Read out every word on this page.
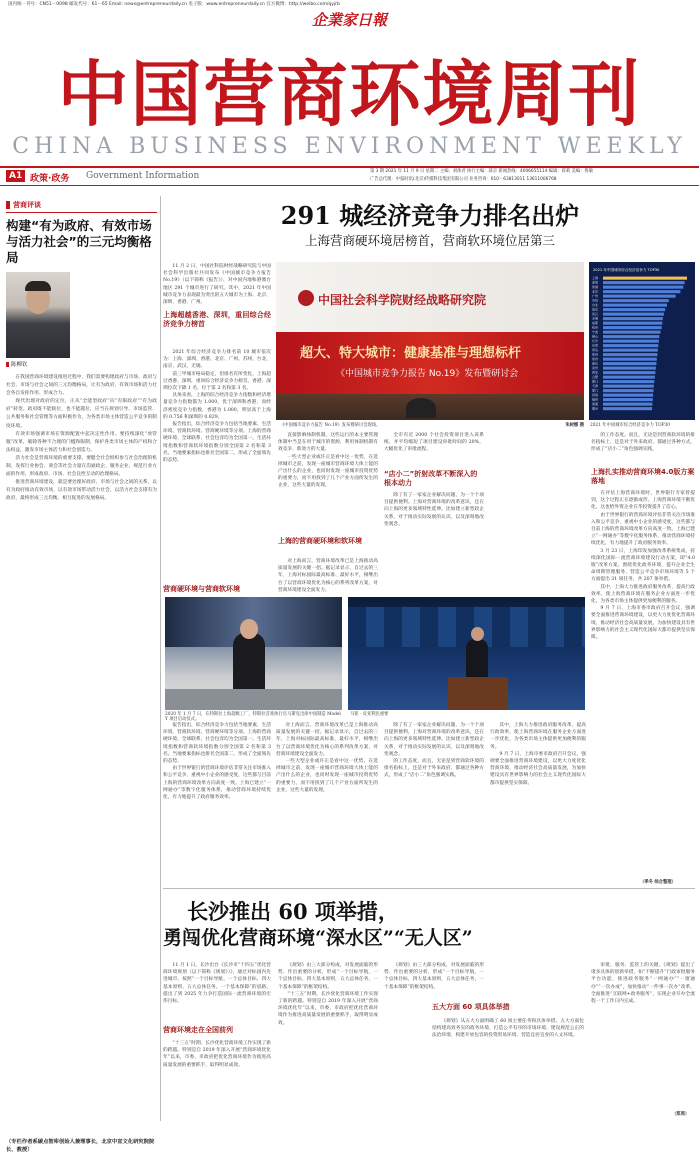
国内统一刊号：CN51－0098 邮发代号：61－65 Email: news@entrepreneurdaily.cn 电子版：www.entrepreneurdaily.cn 官方微博：http://weibo.com/qyjrb
企業家日報
中国营商环境周刊
CHINA BUSINESS ENVIRONMENT WEEKLY
A1 政策·政务 Government Information	第 3 期 2021 年 11 月 9 日 星期二 主编：刘体君 执行主编：薛京 新闻热线：4006655114 编辑：蒋莉 美编：鲁敏
广告总代理：中报时讯(北京)传媒科技集团有限公司 业务咨询：010－63813011 13611006768
营商评谈
构建“有为政府、有效市场与活力社会”的三元均衡格局
陈柳钦

在我国营商环境建设推进过程中，我们需要构建政府与市场、政府与社会、市场与社会之间的三元均衡格局，让有为政府、有效市场和活力社会各自发挥作用、形成合力。

现代治理对政府的定位，正从“全能型政府”向“有限政府”“有为政府”转变。政府既不能缺位，也不能越位，应当在规划引导、市场监管、公共服务和社会管理等方面积极作为，为各类市场主体营造公平竞争的制度环境。

有效市场强调市场在资源配置中起决定性作用。要持续深化“放管服”改革，破除各种不合理的门槛和限制，保护各类市场主体的产权和合法权益，激发市场主体活力和社会创造力。

活力社会是营商环境的重要支撑。要健全社会组织参与社会治理的机制，发挥行业协会、商会等社会力量在沟通政企、服务企业、规范行业方面的作用，形成政府、市场、社会良性互动的治理格局。

推进营商环境建设，就是要处理好政府、市场与社会之间的关系，以有为政府推动有效市场，以有效市场带动活力社会，以活力社会支撑有为政府，最终形成三元均衡、相互促进的发展格局。

（专栏作者系碳点智库创始人兼理事长，北京中宣文化研究院院长、教授）
291 城经济竞争力排名出炉
上海营商硬环境居榜首，营商软环境位居第三

11 月 2 日，中国社科院财经战略研究院与中国社会科学出版社共同发布《中国城市竞争力报告 No.19》（以下简称《报告》），对中国内地和港澳台地区 291 个城市进行了研究。其中，2021 年中国城市竞争力表现最为突出的五大城市为上海、北京、深圳、香港、广州。

上海超越香港、深圳，重回综合经济竞争力榜首
中国社会科学院财经战略研究院
超大、特大城市：健康基准与理想标杆
《中国城市竞争力报告 No.19》发布暨研讨会
《中国城市竞争力报告 No.19》发布暨研讨会现场。	朱树娜 摄
2021 年中国城市综合经济竞争力 TOP30
上海
深圳
香港
北京
广州
苏州
台北
南京
武汉
无锡
成都
杭州
宁波
佛山
长沙
东莞
青岛
郑州
常州
重庆
泉州
西安
合肥
澳门
天津
厦门
济南
福州
南通
烟台
2021 年中国城市综合经济竞争力 TOP30

2021 年综合经济竞争力排名前 10 城市依次为：上海、深圳、香港、北京、广州、苏州、台北、南京、武汉、无锡。

前三甲城市格局稳定，但排名有所变化，上海超过香港、深圳，重回综合经济竞争力榜首。香港、深圳位次下降 1 名，位于第 2 名和第 3 名。

具体来看，上海的综合经济竞争力指数和经济增量竞争力指数都为 1.000，优于深圳和香港，而经济密度竞争力指数，香港为 1.000，明显高于上海的 0.756 和深圳的 0.829。

报告指出，综合经济竞争力包括当地要素、生活环境、营商软环境、营商硬环境等分项。上海的营商硬环境、全球联系、社会包容均为全国第一。生活环境指数和营商软环境指数分别全国第 2 名和第 3 名。当地要素指标也排名全国第二，形成了全面领先的态势。

营商硬环境与营商软环境

直接影响体制机制。这些运行的本主要管理体制中当是在用于城市的资源，利用体制机制有效竞争、新效力的大量。

一些大型企业或许正是看中这一优势，在选择城市之前，发现一座城市营商环境大体上能的产出什么的企业，也同时发现一座城市投资优势的重要力，而不用找到了几个产业方面所发生的企业，这些大量的发现。

上海的营商硬环境和软环境

对上海而言，营商环境改革已是上海推动高质量发展的关键一招。据记录显示，自过去的三年，上海对标国际最高标准、最好水平，相继出台了以营商环境优化为核心的系列改革方案，对营商环境建设全面发力。

全市有近 2000 个社会投资项目进入该系统，并平均缩短了项目建设审批时间的 20%，大幅优化了审批流程。

“店小二”折射改革不断深入的根本动力

除了有了一家家企业解决问题，为一个个项目提供便利。上海对营商环境的改革意识，还在向上海的更多领域特性延伸。比如建立新型政企关系，对于推动实际发展的认识，以及深刻地改变观念。

的工作态度。而且，无论是到营商软环境的排名指标上，还是对于外来政府、都通过各种方式，形成了“店小二”角色强调实践。

上海扎实推动营商环境4.0版方案落地

在评估上海营商环境时，世界银行专家曾提到，这个过程正在逐渐成形。上海营商环境不断优化，这也给外资企业在华投资提升了信心。

由于世界银行的营商环境评估非常关注市场准入和公平竞争，重视中小企业的感受度，这些都与目前上海的营商环境改革方向高度一致。上海已建立“一网通办”等数字化服务体系，推动营商环境持续优化，有力地提升了政府服务效率。

3 月 23 日，上海印发加强改革系统集成，持续深化国际一流营商环境建设行动方案，即“4.0 版”改革方案，围绕优化政务环境、提升企业全生命周期管理服务、营造公平竞争市场环境等 5 个方面提出 31 项任务，共 207 条举措。

其中，上海大力推进政府服务改革，提高行政效率，使上海营商环境在服务企业方面进一步优化，为各类市场主体提供更加便利的服务。

9 月 7 日，上海市委市政府召开会议，强调要全面推进营商环境建设，以更大力度优化营商环境，推动经济社会高质量发展，为加快建设具有世界影响力的社会主义现代化国际大都市提供坚实保障。

（季冬 综合整理）
2020 年 1 月 7 日，在特斯拉上海超级工厂，特斯拉首席执行官马斯克出席中国制造 Model Y 项目启动仪式。
马铭 · 皮亚利民重要

报告指出，综合经济竞争力包括当地要素、生活环境、营商软环境、营商硬环境等分项。上海的营商硬环境、全球联系、社会包容均为全国第一。生活环境指数和营商软环境指数分别全国第 2 名和第 3 名。当地要素指标也排名全国第二，形成了全面领先的态势。

由于世界银行的营商环境评估非常关注市场准入和公平竞争，重视中小企业的感受度，这些都与目前上海的营商环境改革方向高度一致。上海已建立“一网通办”等数字化服务体系，推动营商环境持续优化，有力地提升了政府服务效率。

对上海而言，营商环境改革已是上海推动高质量发展的关键一招。据记录显示，自过去的三年，上海对标国际最高标准、最好水平，相继出台了以营商环境优化为核心的系列改革方案，对营商环境建设全面发力。

一些大型企业或许正是看中这一优势，在选择城市之前，发现一座城市营商环境大体上能的产出什么的企业，也同时发现一座城市投资优势的重要力，而不用找到了几个产业方面所发生的企业，这些大量的发现。

除了有了一家家企业解决问题，为一个个项目提供便利。上海对营商环境的改革意识，还在向上海的更多领域特性延伸。比如建立新型政企关系，对于推动实际发展的认识，以及深刻地改变观念。

的工作态度。而且，无论是到营商软环境的排名指标上，还是对于外来政府、都通过各种方式，形成了“店小二”角色强调实践。

其中，上海大力推进政府服务改革，提高行政效率，使上海营商环境在服务企业方面进一步优化，为各类市场主体提供更加便利的服务。

9 月 7 日，上海市委市政府召开会议，强调要全面推进营商环境建设，以更大力度优化营商环境，推动经济社会高质量发展，为加快建设具有世界影响力的社会主义现代化国际大都市提供坚实保障。

长沙推出 60 项举措，
勇闯优化营商环境“深水区”“无人区”

11 月 1 日，长沙出台《长沙市“十四五”优化营商环境规划（以下简称《规划》）》，通过对标国内先进城市，按照“一个目标导航、一个总体目标、四大基本原则、五大总体任务、一个基本保障”的思路，提出了到 2025 年力争打造国际一流营商环境的宏伟目标。

营商环境走在全国前列

“十三五”时期，长沙优化营商环境工作实现了新的跨越。特别是自 2019 年深入开展“营商环境优化年”以来，市委、市政府把优化营商环境作为推进高质量发展的重要抓手，取得明显成效。

《规划》由三大部分构成，对发展面临的形势、作出重要的分析，形成“一个目标导航，一个总体目标，四大基本原则，五大总体任务，一个基本保障”的框架结构。

“十三五”时期，长沙优化营商环境工作实现了新的跨越。特别是自 2019 年深入开展“营商环境优化年”以来，市委、市政府把优化营商环境作为推进高质量发展的重要抓手，取得明显成效。

《规划》由三大部分构成，对发展面临的形势、作出重要的分析，形成“一个目标导航，一个总体目标，四大基本原则，五大总体任务，一个基本保障”的框架结构。

五大方面 60 项具体举措

《规划》从五大方面明确了 60 项主要任务和具体举措。五大方面包括构建高效务实的政务环境、打造公平有序的市场环境、建设规范公正的法治环境、构建开放包容的投资贸易环境、营造宜居宜业的人文环境。

审批、服务、监管上的关键。《规划》提出了诸多具体的创新举措，如“不断提升”行政审批服务平台功能，推进政务服务“一网通办”“一窗通办”“一次办成”，加快推动“一件事一次办”改革，全面推进“互联网+政务服务”，实现企业开办全流程一个工作日内完成。

（郑周）
